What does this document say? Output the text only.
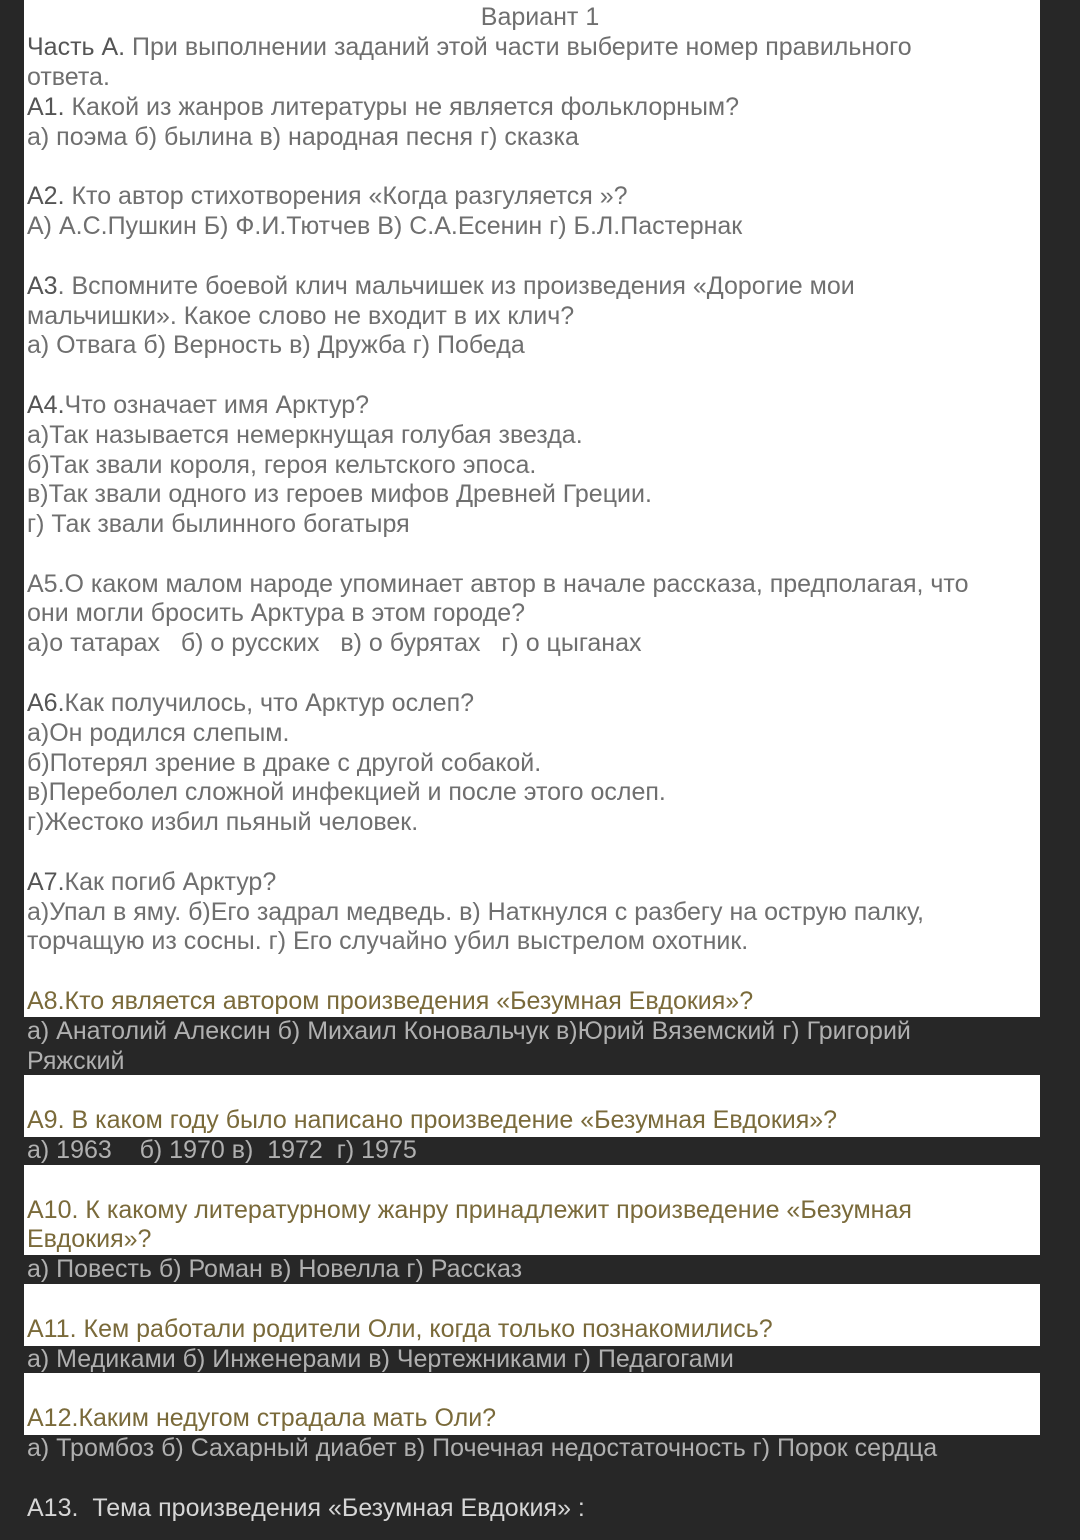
Вариант 1
Часть А. При выполнении заданий этой части выберите номер правильного
ответа.
А1. Какой из жанров литературы не является фольклорным?
а) поэма б) былина в) народная песня г) сказка
А2. Кто автор стихотворения «Когда разгуляется »?
А) А.С.Пушкин Б) Ф.И.Тютчев В) С.А.Есенин г) Б.Л.Пастернак
А3. Вспомните боевой клич мальчишек из произведения «Дорогие мои
мальчишки». Какое слово не входит в их клич?
а) Отвага б) Верность в) Дружба г) Победа
А4.Что означает имя Арктур?
а)Так называется немеркнущая голубая звезда.
б)Так звали короля, героя кельтского эпоса.
в)Так звали одного из героев мифов Древней Греции.
г) Так звали былинного богатыря
А5.О каком малом народе упоминает автор в начале рассказа, предполагая, что
они могли бросить Арктура в этом городе?
а)о татарах   б) о русских   в) о бурятах   г) о цыганах
А6.Как получилось, что Арктур ослеп?
а)Он родился слепым.
б)Потерял зрение в драке с другой собакой.
в)Переболел сложной инфекцией и после этого ослеп.
г)Жестоко избил пьяный человек.
А7.Как погиб Арктур?
а)Упал в яму. б)Его задрал медведь. в) Наткнулся с разбегу на острую палку,
торчащую из сосны. г) Его случайно убил выстрелом охотник.
А8.Кто является автором произведения «Безумная Евдокия»?
а) Анатолий Алексин б) Михаил Коновальчук в)Юрий Вяземский г) Григорий
Ряжский
А9. В каком году было написано произведение «Безумная Евдокия»?
а) 1963    б) 1970 в)  1972  г) 1975
А10. К какому литературному жанру принадлежит произведение «Безумная
Евдокия»?
а) Повесть б) Роман в) Новелла г) Рассказ
А11. Кем работали родители Оли, когда только познакомились?
а) Медиками б) Инженерами в) Чертежниками г) Педагогами
А12.Каким недугом страдала мать Оли?
а) Тромбоз б) Сахарный диабет в) Почечная недостаточность г) Порок сердца
А13.  Тема произведения «Безумная Евдокия» :
